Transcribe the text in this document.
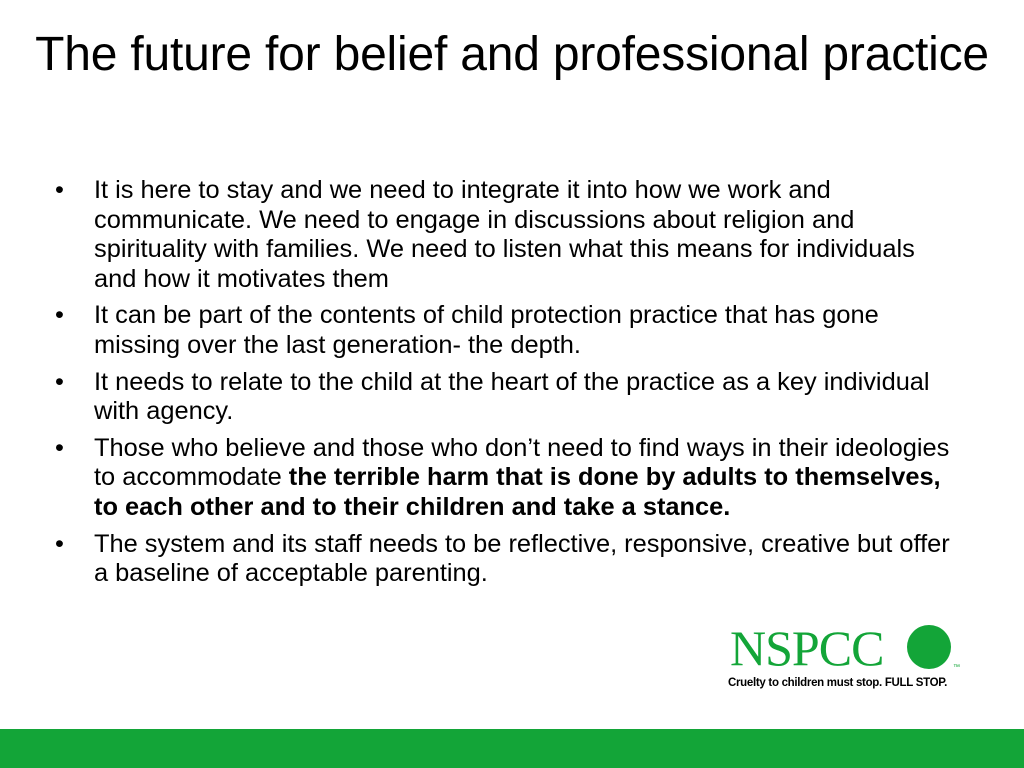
The future for belief and professional practice
• It is here to stay and we need to integrate it into how we work and communicate. We need to engage in discussions about religion and spirituality with families. We need to listen what this means for individuals and how it motivates them
• It can be part of the contents of child protection practice that has gone missing over the last generation- the depth.
• It needs to relate to the child at the heart of the practice as a key individual with agency.
• Those who believe and those who don’t need to find ways in their ideologies to accommodate the terrible harm that is done by adults to themselves, to each other and to their children and take a stance.
• The system and its staff needs to be reflective, responsive, creative but offer a baseline of acceptable parenting.
NSPCC	™
Cruelty to children must stop. FULL STOP.
